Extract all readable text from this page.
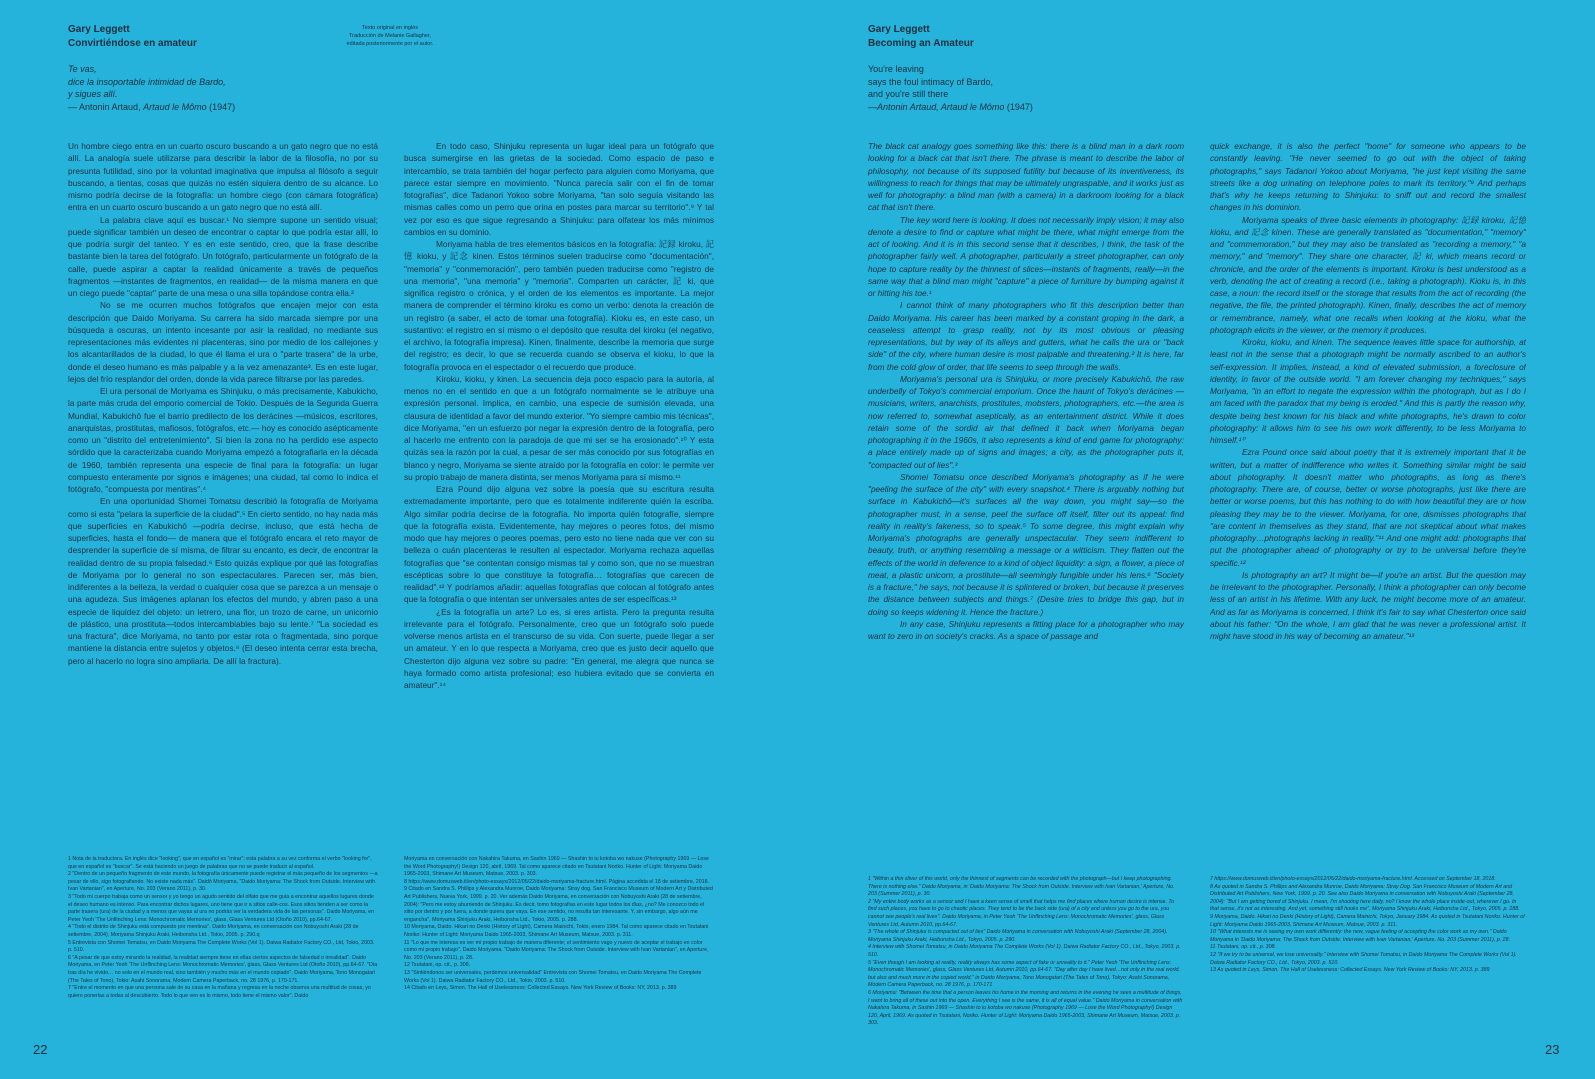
Gary Leggett
Convirtiéndose en amateur
Texto original en inglés
Traducción de Melanie Gallagher,
editada posteriormente por el autor.
Te vas,
dice la insoportable intimidad de Bardo,
y sigues allí.
— Antonin Artaud, Artaud le Mômo (1947)

Un hombre ciego entra en un cuarto oscuro buscando a un gato negro que no está allí. La analogía suele utilizarse para describir la labor de la filosofía, no por su presunta futilidad, sino por la voluntad imaginativa que impulsa al filósofo a seguir buscando, a tientas, cosas que quizás no estén siquiera dentro de su alcance. Lo mismo podría decirse de la fotografía: un hombre ciego (con cámara fotográfica) entra en un cuarto oscuro buscando a un gato negro que no está allí.

La palabra clave aquí es buscar.¹ No siempre supone un sentido visual; puede significar también un deseo de encontrar o captar lo que podría estar allí, lo que podría surgir del tanteo. Y es en este sentido, creo, que la frase describe bastante bien la tarea del fotógrafo. Un fotógrafo, particularmente un fotógrafo de la calle, puede aspirar a captar la realidad únicamente a través de pequeños fragmentos —instantes de fragmentos, en realidad— de la misma manera en que un ciego puede "captar" parte de una mesa o una silla topándose contra ella.²

No se me ocurren muchos fotógrafos que encajen mejor con esta descripción que Daido Moriyama. Su carrera ha sido marcada siempre por una búsqueda a oscuras, un intento incesante por asir la realidad, no mediante sus representaciones más evidentes ni placenteras, sino por medio de los callejones y los alcantarillados de la ciudad, lo que él llama el ura o "parte trasera" de la urbe, donde el deseo humano es más palpable y a la vez amenazante³. Es en este lugar, lejos del frío resplandor del orden, donde la vida parece filtrarse por las paredes.

El ura personal de Moriyama es Shinjuku, o más precisamente, Kabukicho, la parte más cruda del emporio comercial de Tokio. Después de la Segunda Guerra Mundial, Kabukichō fue el barrio predilecto de los derácines —músicos, escritores, anarquistas, prostitutas, mafiosos, fotógrafos, etc.— hoy es conocido asépticamente como un "distrito del entretenimiento". Si bien la zona no ha perdido ese aspecto sórdido que la caracterizaba cuando Moriyama empezó a fotografiarla en la década de 1960, también representa una especie de final para la fotografía: un lugar compuesto enteramente por signos e imágenes; una ciudad, tal como lo indica el fotógrafo, "compuesta por mentiras".⁴

En una oportunidad Shomei Tomatsu describió la fotografía de Moriyama como si esta "pelara la superficie de la ciudad".⁵ En cierto sentido, no hay nada más que superficies en Kabukichō —podría decirse, incluso, que está hecha de superficies, hasta el fondo— de manera que el fotógrafo encara el reto mayor de desprender la superficie de sí misma, de filtrar su encanto, es decir, de encontrar la realidad dentro de su propia falsedad.⁶ Esto quizás explique por qué las fotografías de Moriyama por lo general no son espectaculares. Parecen ser, más bien, indiferentes a la belleza, la verdad o cualquier cosa que se parezca a un mensaje o una agudeza. Sus imágenes aplanan los efectos del mundo, y abren paso a una especie de liquidez del objeto: un letrero, una flor, un trozo de carne, un unicornio de plástico, una prostituta—todos intercambiables bajo su lente.⁷ "La sociedad es una fractura", dice Moriyama, no tanto por estar rota o fragmentada, sino porque mantiene la distancia entre sujetos y objetos.⁸ (El deseo intenta cerrar esta brecha, pero al hacerlo no logra sino ampliarla. De allí la fractura).

En todo caso, Shinjuku representa un lugar ideal para un fotógrafo que busca sumergirse en las grietas de la sociedad. Como espacio de paso e intercambio, se trata también del hogar perfecto para alguien como Moriyama, que parece estar siempre en movimiento. "Nunca parecía salir con el fin de tomar fotografías", dice Tadanori Yokoo sobre Moriyama, "tan solo seguía visitando las mismas calles como un perro que orina en postes para marcar su territorio".⁹ Y tal vez por eso es que sigue regresando a Shinjuku: para olfatear los más mínimos cambios en su dominio.

Moriyama habla de tres elementos básicos en la fotografía: 記録 kiroku, 記憶 kioku, y 記念 kinen. Estos términos suelen traducirse como "documentación", "memoria" y "conmemoración", pero también pueden traducirse como "registro de una memoria", "una memoria" y "memoria". Comparten un carácter, 記 ki, que significa registro o crónica, y el orden de los elementos es importante. La mejor manera de comprender el término kiroku es como un verbo: denota la creación de un registro (a saber, el acto de tomar una fotografía). Kioku es, en este caso, un sustantivo: el registro en sí mismo o el depósito que resulta del kiroku (el negativo, el archivo, la fotografía impresa). Kinen, finalmente, describe la memoria que surge del registro; es decir, lo que se recuerda cuando se observa el kioku, lo que la fotografía provoca en el espectador o el recuerdo que produce.

Kiroku, kioku, y kinen. La secuencia deja poco espacio para la autoría, al menos no en el sentido en que a un fotógrafo normalmente se le atribuye una expresión personal. Implica, en cambio, una especie de sumisión elevada, una clausura de identidad a favor del mundo exterior. "Yo siempre cambio mis técnicas", dice Moriyama, "en un esfuerzo por negar la expresión dentro de la fotografía, pero al hacerlo me enfrento con la paradoja de que mi ser se ha erosionado".¹⁰ Y esta quizás sea la razón por la cual, a pesar de ser más conocido por sus fotografías en blanco y negro, Moriyama se siente atraído por la fotografía en color: le permite ver su propio trabajo de manera distinta, ser menos Moriyama para sí mismo.¹¹

Ezra Pound dijo alguna vez sobre la poesía que su escritura resulta extremadamente importante, pero que es totalmente indiferente quién la escriba. Algo similar podría decirse de la fotografía. No importa quién fotografíe, siempre que la fotografía exista. Evidentemente, hay mejores o peores fotos, del mismo modo que hay mejores o peores poemas, pero esto no tiene nada que ver con su belleza o cuán placenteras le resulten al espectador. Moriyama rechaza aquellas fotografías que "se contentan consigo mismas tal y como son, que no se muestran escépticas sobre lo que constituye la fotografía… fotografías que carecen de realidad".¹² Y podríamos añadir: aquellas fotografías que colocan al fotógrafo antes que la fotografía o que intentan ser universales antes de ser específicas.¹³

¿Es la fotografía un arte? Lo es, si eres artista. Pero la pregunta resulta irrelevante para el fotógrafo. Personalmente, creo que un fotógrafo solo puede volverse menos artista en el transcurso de su vida. Con suerte, puede llegar a ser un amateur. Y en lo que respecta a Moriyama, creo que es justo decir aquello que Chesterton dijo alguna vez sobre su padre: "En general, me alegra que nunca se haya formado como artista profesional; eso hubiera evitado que se convierta en amateur".¹⁴

1 Nota de la traductora. En inglés dice "looking", que en español es "mirar"; esta palabra a su vez conforma el verbo "looking for", que en español es "buscar". Se está haciendo un juego de palabras que no se puede traducir al español.
2 "Dentro de un pequeño fragmento de este mundo, la fotografía únicamente puede registrar el más pequeño de los segmentos —a pesar de ello, sigo fotografiando. No existe nada más". Daidō Moriyama, "Daido Moriyama: The Shock from Outside. Interview with Ivan Vartanian", en Aperture, No. 203 (Verano 2011), p. 30.
3 "Todo mi cuerpo trabaja como un sensor y yo tengo un agudo sentido del olfato que me guía a encontrar aquellos lugares donde el deseo humano es intenso. Para encontrar dichos lugares, uno tiene que ir a sitios calle-cos. Esos sitios tienden a ser como la parte trasera (ura) de la ciudad y a menos que vayas al ura no podrás ver la verdadera vida de las personas". Daido Moriyama, en Peter Yeoh 'The Unflinching Lens: Monochromatic Memories', glass, Glass Ventures Ltd (Otoño 2010), pp.64-67.
4 "Todo el distrito de Shinjuku está compuesto por mentiras". Daido Moriyama, en conversación con Nobuyoshi Araki (28 de setiembre, 2004), Moriyama Shinjuku Araki, Heibonsha Ltd., Tokio, 2005. p. 290.q
5 Entrevista con Shomei Tomatsu, en Daido Moriyama The Complete Works (Vol 1). Daiwa Radiator Factory CO., Ltd, Tokio, 2003. p. 510.
6 "A pesar de que estoy mirando la realidad, la realidad siempre tiene en ellas ciertos aspectos de falsedad o irrealidad". Daido Moriyama, en Peter Yeoh 'The Unflinching Lens: Monochromatic Memories', glass, Glass Ventures Ltd (Otoño 2010), pp.64-67. "Día tras día he vivido… no solo en el mundo real, sino también y mucho más en el mundo copiado". Daido Moriyama, Tono Monogatari (The Tales of Tono), Tokio: Asahi Sonorama, Modern Camera Paperback, no. 28 1976, p. 170-171.
7 "Entre el momento en que una persona sale de su casa en la mañana y regresa en la noche observa una multitud de cosas, yo quiero ponerlas a todas al descubierto. Todo lo que veo es lo mismo, todo tiene el mismo valor". Daido
Moriyama en conversación con Nakahira Takuma, en Sashin 1969 — Shashin to iu kotoba wo nakuse (Photography 1969 — Lose the Word Photography!) Design 120, abril, 1969. Tal como aparece citado en Tsutatani Noriko. Hunter of Light: Moriyama Daido 1965-2003, Shimane Art Museum, Matsue, 2003. p. 303.
8 https://www.domusweb.it/en/photo-essays/2012/05/22/daido-moriyama-fracture.html. Página accedida el 18 de setiembre, 2018.
9 Citado en Sandra S. Phillips y Alexandra Munroe, Daido Moriyama: Stray dog. San Francisco Museum of Modern Art y Distributed Art Publishers, Nueva York, 1999. p. 20. Ver además Daido Moriyama, en conversación con Nobuyoshi Araki (28 de setiembre, 2004): "Pero me estoy aburriendo de Shinjuku. Es decir, tomo fotografías en este lugar todos los días, ¿no? Me conozco todo el sitio por dentro y por fuera, a donde quiera que vaya. En ese sentido, no resulta tan interesante. Y, sin embargo, algo aún me engancha", Moriyama Shinjuku Araki, Heibonsha Ltd., Tokio, 2005. p. 288.
10 Moriyama, Daido. Hikari no Denki (History of Light), Camera Mainichi, Tokio, enero 1984. Tal como aparece citado en Tsutatani Noriko: Hunter of Light: Moriyama Daido 1965-2003, Shimane Art Museum, Matsue, 2003. p. 311.
11 "Lo que me interesa es ver mi propio trabajo de manera diferente; el sentimiento vago y nuevo de aceptar el trabajo en color como mi propio trabajo". Daido Moriyama. "Daido Moriyama: The Shock from Outside. Interview with Ivan Vartanian", en Aperture, No. 203 (Verano 2011), p. 28.
12 Tsutatani, op. cit., p. 308.
13 "Sintiéndonos ser universales, perdemos universalidad" Entrevista con Shomei Tomatsu, en Daido Moriyama The Complete Works (Vol 1). Daiwa Radiator Factory CO., Ltd., Tokio, 2003. p. 510.
14 Citado en Leys, Simon. The Hall of Uselessness: Collected Essays. New York Review of Books: NY, 2013. p. 389
22
Gary Leggett
Becoming an Amateur
You're leaving
says the foul intimacy of Bardo,
and you're still there
—Antonin Artaud, Artaud le Mômo (1947)

The black cat analogy goes something like this: there is a blind man in a dark room looking for a black cat that isn't there. The phrase is meant to describe the labor of philosophy, not because of its supposed futility but because of its inventiveness, its willingness to reach for things that may be ultimately ungraspable, and it works just as well for photography: a blind man (with a camera) in a darkroom looking for a black cat that isn't there.

The key word here is looking. It does not necessarily imply vision; it may also denote a desire to find or capture what might be there, what might emerge from the act of looking. And it is in this second sense that it describes, I think, the task of the photographer fairly well. A photographer, particularly a street photographer, can only hope to capture reality by the thinnest of slices—instants of fragments, really—in the same way that a blind man might "capture" a piece of furniture by bumping against it or hitting his toe.¹

I cannot think of many photographers who fit this description better than Daido Moriyama. His career has been marked by a constant groping in the dark, a ceaseless attempt to grasp reality, not by its most obvious or pleasing representations, but by way of its alleys and gutters, what he calls the ura or "back side" of the city, where human desire is most palpable and threatening.² It is here, far from the cold glow of order, that life seems to seep through the walls.

Moriyama's personal ura is Shinjuku, or more precisely Kabukichō, the raw underbelly of Tokyo's commercial emporium. Once the haunt of Tokyo's derácines —musicians, writers, anarchists, prostitutes, mobsters, photographers, etc.—the area is now referred to, somewhat aseptically, as an entertainment district. While it does retain some of the sordid air that defined it back when Moriyama began photographing it in the 1960s, it also represents a kind of end game for photography: a place entirely made up of signs and images; a city, as the photographer puts it, "compacted out of lies".³

Shomei Tomatsu once described Moriyama's photography as if he were "peeling the surface of the city" with every snapshot.⁴ There is arguably nothing but surface in Kabukichō—it's surfaces all the way down, you might say—so the photographer must, in a sense, peel the surface off itself, filter out its appeal: find reality in reality's fakeness, so to speak.⁵ To some degree, this might explain why Moriyama's photographs are generally unspectacular. They seem indifferent to beauty, truth, or anything resembling a message or a witticism. They flatten out the effects of the world in deference to a kind of object liquidity: a sign, a flower, a piece of meat, a plastic unicorn, a prostitute—all seemingly fungible under his lens.⁶ "Society is a fracture," he says, not because it is splintered or broken, but because it preserves the distance between subjects and things.⁷ (Desire tries to bridge this gap, but in doing so keeps widening it. Hence the fracture.)

In any case, Shinjuku represents a fitting place for a photographer who may want to zero in on society's cracks. As a space of passage and

quick exchange, it is also the perfect "home" for someone who appears to be constantly leaving. "He never seemed to go out with the object of taking photographs," says Tadanori Yokoo about Moriyama, "he just kept visiting the same streets like a dog urinating on telephone poles to mark its territory."⁸ And perhaps that's why he keeps returning to Shinjuku: to sniff out and record the smallest changes in his dominion.

Moriyama speaks of three basic elements in photography: 記録 kiroku, 記憶 kioku, and 記念 kinen. These are generally translated as "documentation," "memory" and "commemoration," but they may also be translated as "recording a memory," "a memory," and "memory". They share one character, 記 ki, which means record or chronicle, and the order of the elements is important. Kiroku is best understood as a verb, denoting the act of creating a record (i.e., taking a photograph). Kioku is, in this case, a noun: the record itself or the storage that results from the act of recording (the negative, the file, the printed photograph). Kinen, finally, describes the act of memory or remembrance, namely, what one recalls when looking at the kioku, what the photograph elicits in the viewer, or the memory it produces.

Kiroku, kioku, and kinen. The sequence leaves little space for authorship, at least not in the sense that a photograph might be normally ascribed to an author's self-expression. It implies, instead, a kind of elevated submission, a foreclosure of identity, in favor of the outside world. "I am forever changing my techniques," says Moriyama, "in an effort to negate the expression within the photograph, but as I do I am faced with the paradox that my being is eroded." And this is partly the reason why, despite being best known for his black and white photographs, he's drawn to color photography: it allows him to see his own work differently, to be less Moriyama to himself.¹⁰

Ezra Pound once said about poetry that it is extremely important that it be written, but a matter of indifference who writes it. Something similar might be said about photography. It doesn't matter who photographs, as long as there's photography. There are, of course, better or worse photographs, just like there are better or worse poems, but this has nothing to do with how beautiful they are or how pleasing they may be to the viewer. Moriyama, for one, dismisses photographs that "are content in themselves as they stand, that are not skeptical about what makes photography…photographs lacking in reality."¹¹ And one might add: photographs that put the photographer ahead of photography or try to be universal before they're specific.¹²

Is photography an art? It might be—if you're an artist. But the question may be irrelevant to the photographer. Personally, I think a photographer can only become less of an artist in his lifetime. With any luck, he might become more of an amateur. And as far as Moriyama is concerned, I think it's fair to say what Chesterton once said about his father: "On the whole, I am glad that he was never a professional artist. It might have stood in his way of becoming an amateur."¹³

1 "Within a thin sliver of this world, only the thinnest of segments can be recorded with the photograph—but I keep photographing. There is nothing else." Daido Moriyama, in 'Daido Moriyama: The Shock from Outside. Interview with Ivan Vartanian,' Aperture, No. 203 (Summer 2011), p. 30.
2 "My entire body works as a sensor and I have a keen sense of smell that helps me find places where human desire is intense. To find such places, you have to go to chaotic places. They tend to be the back side (ura) of a city and unless you go to the ura, you cannot see people's real lives". Daido Moriyama, in Peter Yeoh 'The Unflinching Lens: Monochromatic Memories', glass, Glass Ventures Ltd, Autumn 2010, pp.64-67.
3 "The whole of Shinjuku is compacted out of lies" Daido Moriyama in conversation with Nobuyoshi Araki (September 28, 2004). Moriyama Shinjuku Araki, Heibonsha Ltd., Tokyo, 2005. p. 290.
4 Interview with Shomei Tomatsu, in Daido Moriyama The Complete Works (Vol 1). Daiwa Radiator Factory CO., Ltd., Tokyo, 2003. p. 510.
5 "Even though I am looking at reality, reality always has some aspect of fake or unreality to it." Peter Yeoh 'The Unflinching Lens: Monochromatic Memories', glass, Glass Ventures Ltd, Autumn 2010, pp.64-67. "Day after day I have lived…not only in the real world, but also and much more in the copied world," in Daido Moriyama, Tono Monogatari (The Tales of Tono), Tokyo: Asahi Sonorama, Modern Camera Paperback, no. 28 1976, p. 170-171
6 Moriyama: "Between the time that a person leaves his home in the morning and returns in the evening he sees a multitude of things, I want to bring all of these out into the open. Everything I see is the same, it is all of equal value." Daido Moriyama in conversation with Nakahira Takuma, in Sashin 1969 — Shashin to iu kotoba wo nakuse (Photography 1969 — Lose the Word Photography!) Design 120, April, 1969. As quoted in Tsutatani, Noriko. Hunter of Light: Moriyama Daido 1965-2003, Shimane Art Museum, Matsue, 2003. p. 303.
7 https://www.domusweb.it/en/photo-essays/2012/05/22/daido-moriyama-fracture.html. Accessed on September 18, 2018.
8 As quoted in Sandra S. Phillips and Alexandra Munroe, Daido Moriyama: Stray Dog. San Francisco Museum of Modern Art and Distributed Art Publishers, New York, 1999. p. 20. See also Daido Moriyama in conversation with Nobuyoshi Araki (September 28, 2004): "But I am getting bored of Shinjuku. I mean, I'm shooting here daily, no? I know the whole place inside-out, wherever I go. In that sense, it's not as interesting. And yet, something still hooks me", Moriyama Shinjuku Araki, Heibonsha Ltd., Tokyo, 2005. p. 288.
9 Moriyama, Daido. Hikari no Denki (History of Light), Camera Mainichi, Tokyo, January 1984. As quoted in Tsutatani Noriko. Hunter of Light: Moriyama Daido 1965-2003, Shimane Art Museum, Matsue, 2003. p. 311.
10 "What interests me is seeing my own work differently: the new, vague feeling of accepting the color work as my own." Daido Moriyama in 'Daido Moriyama: The Shock from Outside. Interview with Ivan Vartanian,' Aperture, No. 203 (Summer 2011), p. 28.
11 Tsutatani, op. cit., p. 308.
12 "If we try to be universal, we lose universality." Interview with Shomei Tomatsu, in Daido Moriyama The Complete Works (Vol 1). Daiwa Radiator Factory CO., Ltd., Tokyo, 2003. p. 510.
13 As quoted in Leys, Simon. The Hall of Uselessness: Collected Essays. New York Review of Books: NY, 2013. p. 389
23
